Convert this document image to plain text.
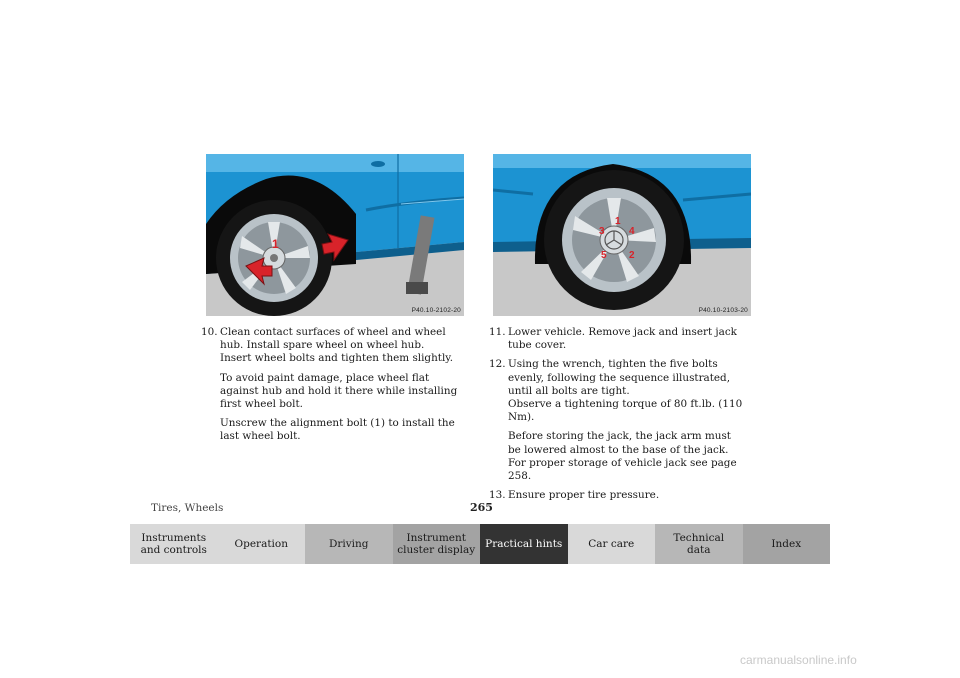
1
P40.10-2102-20
1
2
3 4
5
P40.10-2103-20
10. Clean contact surfaces of wheel and wheel hub. Install spare wheel on wheel hub. Insert wheel bolts and tighten them slightly.

To avoid paint damage, place wheel flat against hub and hold it there while installing first wheel bolt.

Unscrew the alignment bolt (1) to install the last wheel bolt.

11. Lower vehicle. Remove jack and insert jack tube cover.
12. Using the wrench, tighten the five bolts evenly, following the sequence illustrated, until all bolts are tight.
Observe a tightening torque of 80 ft.lb. (110 Nm).

Before storing the jack, the jack arm must be lowered almost to the base of the jack. For proper storage of vehicle jack see page 258.

13. Ensure proper tire pressure.
Tires, Wheels	265
Instruments
and controls	Operation	Driving	Instrument
cluster display Practical hints	Car care	Technical
data	Index
carmanualsonline.info
